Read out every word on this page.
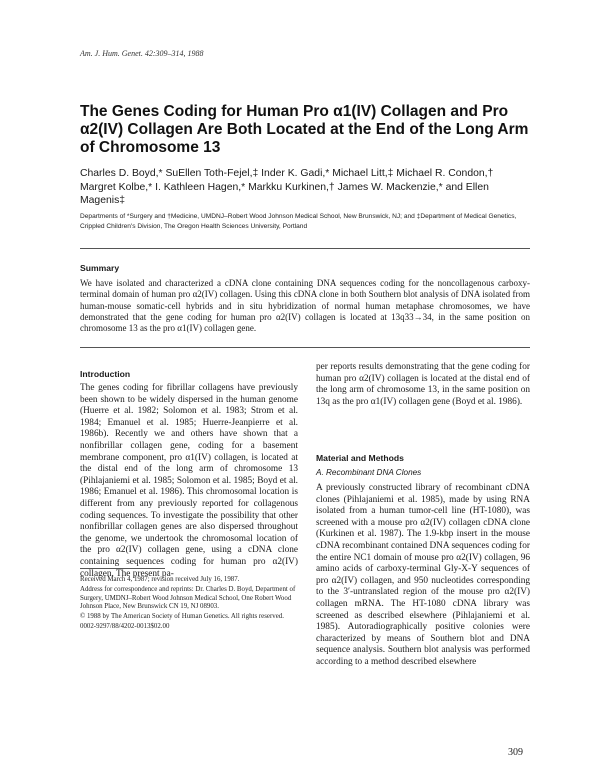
Am. J. Hum. Genet. 42:309–314, 1988
The Genes Coding for Human Pro α1(IV) Collagen and Pro α2(IV) Collagen Are Both Located at the End of the Long Arm of Chromosome 13
Charles D. Boyd,* SuEllen Toth-Fejel,‡ Inder K. Gadi,* Michael Litt,‡ Michael R. Condon,† Margret Kolbe,* I. Kathleen Hagen,* Markku Kurkinen,† James W. Mackenzie,* and Ellen Magenis‡
Departments of *Surgery and †Medicine, UMDNJ–Robert Wood Johnson Medical School, New Brunswick, NJ; and ‡Department of Medical Genetics, Crippled Children's Division, The Oregon Health Sciences University, Portland
Summary

We have isolated and characterized a cDNA clone containing DNA sequences coding for the noncollagenous carboxy-terminal domain of human pro α2(IV) collagen. Using this cDNA clone in both Southern blot analysis of DNA isolated from human-mouse somatic-cell hybrids and in situ hybridization of normal human metaphase chromosomes, we have demonstrated that the gene coding for human pro α2(IV) collagen is located at 13q33→34, in the same position on chromosome 13 as the pro α1(IV) collagen gene.

Introduction

The genes coding for fibrillar collagens have previously been shown to be widely dispersed in the human genome (Huerre et al. 1982; Solomon et al. 1983; Strom et al. 1984; Emanuel et al. 1985; Huerre-Jeanpierre et al. 1986b). Recently we and others have shown that a nonfibrillar collagen gene, coding for a basement membrane component, pro α1(IV) collagen, is located at the distal end of the long arm of chromosome 13 (Pihlajaniemi et al. 1985; Solomon et al. 1985; Boyd et al. 1986; Emanuel et al. 1986). This chromosomal location is different from any previously reported for collagenous coding sequences. To investigate the possibility that other nonfibrillar collagen genes are also dispersed throughout the genome, we undertook the chromosomal location of the pro α2(IV) collagen gene, using a cDNA clone containing sequences coding for human pro α2(IV) collagen. The present pa-

per reports results demonstrating that the gene coding for human pro α2(IV) collagen is located at the distal end of the long arm of chromosome 13, in the same position on 13q as the pro α1(IV) collagen gene (Boyd et al. 1986).

Material and Methods
A. Recombinant DNA Clones

A previously constructed library of recombinant cDNA clones (Pihlajaniemi et al. 1985), made by using RNA isolated from a human tumor-cell line (HT-1080), was screened with a mouse pro α2(IV) collagen cDNA clone (Kurkinen et al. 1987). The 1.9-kbp insert in the mouse cDNA recombinant contained DNA sequences coding for the entire NC1 domain of mouse pro α2(IV) collagen, 96 amino acids of carboxy-terminal Gly-X-Y sequences of pro α2(IV) collagen, and 950 nucleotides corresponding to the 3′-untranslated region of the mouse pro α2(IV) collagen mRNA. The HT-1080 cDNA library was screened as described elsewhere (Pihlajaniemi et al. 1985). Autoradiographically positive colonies were characterized by means of Southern blot and DNA sequence analysis. Southern blot analysis was performed according to a method described elsewhere

Received March 4, 1987; revision received July 16, 1987.

Address for correspondence and reprints: Dr. Charles D. Boyd, Department of Surgery, UMDNJ–Robert Wood Johnson Medical School, One Robert Wood Johnson Place, New Brunswick CN 19, NJ 08903.

© 1988 by The American Society of Human Genetics. All rights reserved.

0002-9297/88/4202-0013$02.00

309
